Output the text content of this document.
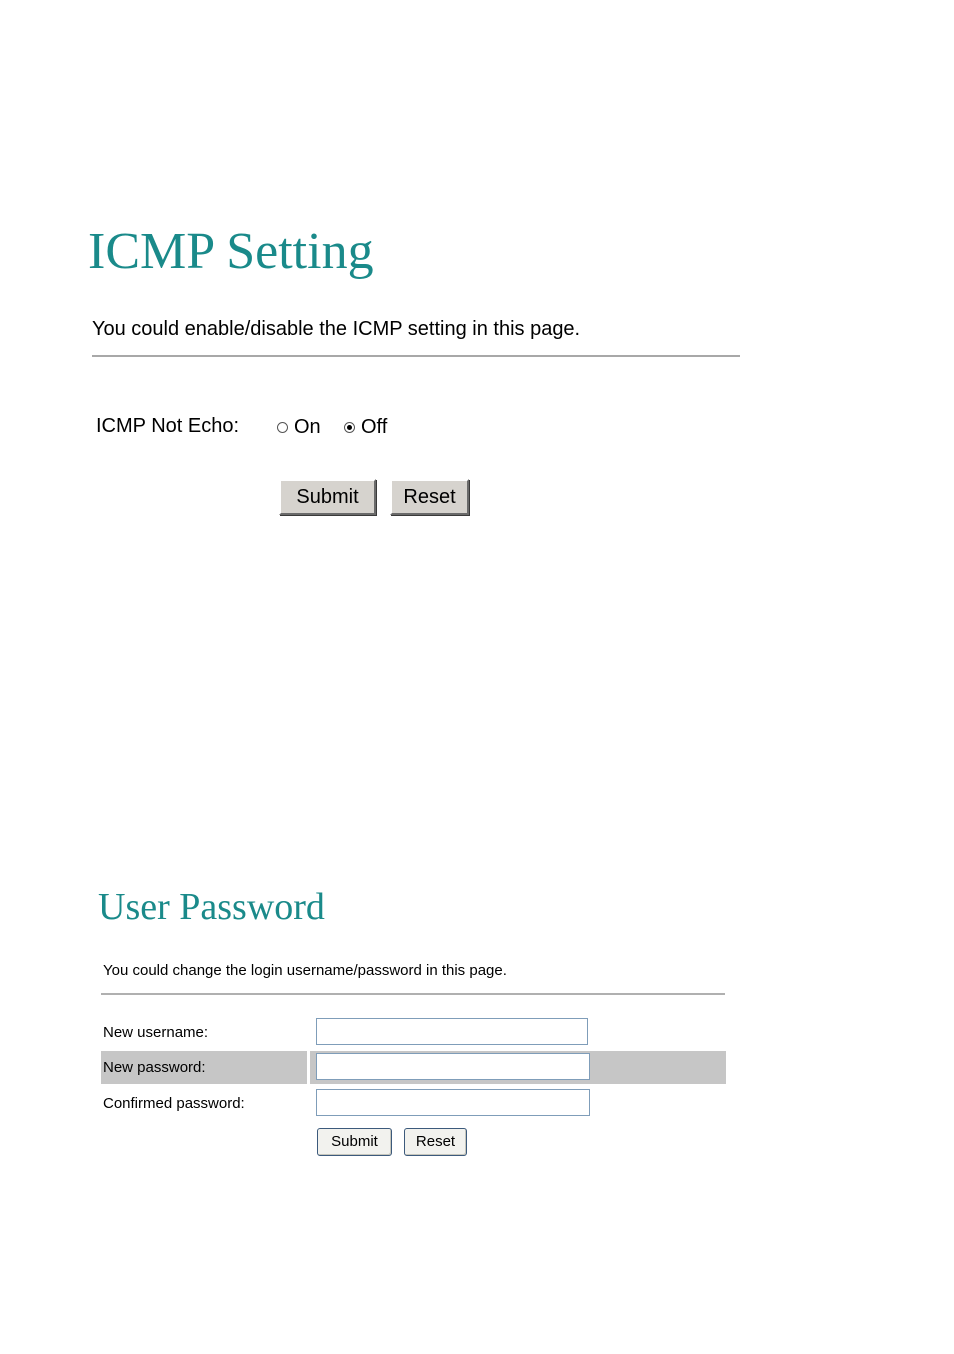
ICMP Setting
You could enable/disable the ICMP setting in this page.
ICMP Not Echo:	On Off
Submit	Reset
User Password
You could change the login username/password in this page.
New username:
New password:
Confirmed password:
Submit	Reset
